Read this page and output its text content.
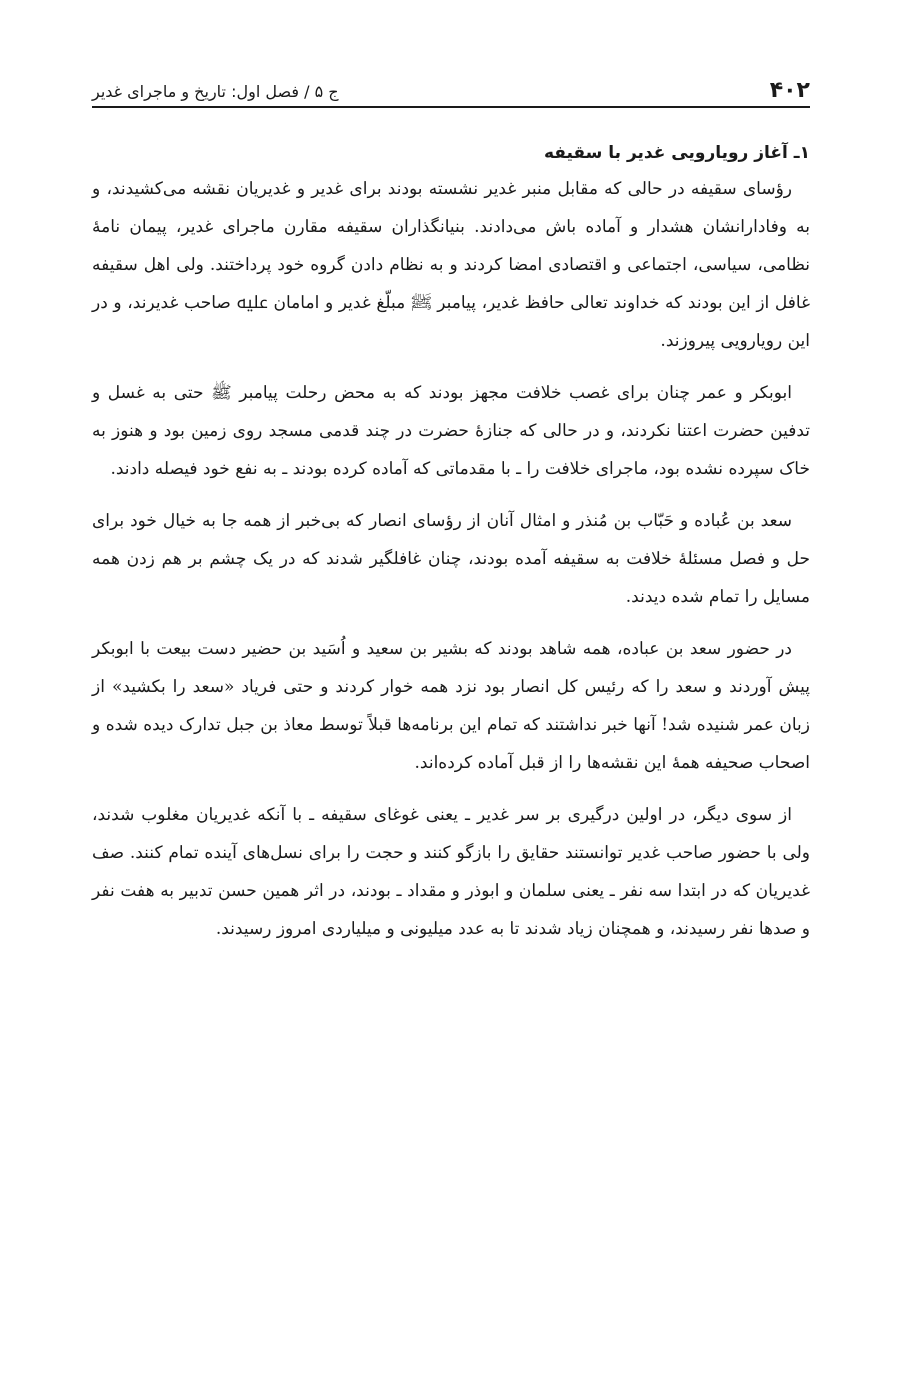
۴۰۲
ج ۵ / فصل اول: تاریخ و ماجرای غدیر
۱ـ آغاز رویارویی غدیر با سقیفه

رؤسای سقیفه در حالی که مقابل منبر غدیر نشسته بودند برای غدیر و غدیریان نقشه می‌کشیدند، و به وفادارانشان هشدار و آماده باش می‌دادند. بنیانگذاران سقیفه مقارن ماجرای غدیر، پیمان نامۀ نظامی، سیاسی، اجتماعی و اقتصادی امضا کردند و به نظام دادن گروه خود پرداختند. ولی اهل سقیفه غافل از این بودند که خداوند تعالی حافظ غدیر، پیامبر ﷺ مبلّغ غدیر و امامان ﷷ صاحب غدیرند، و در این رویارویی پیروزند.

ابوبکر و عمر چنان برای غصب خلافت مجهز بودند که به محض رحلت پیامبر ﷺ حتی به غسل و تدفین حضرت اعتنا نکردند، و در حالی که جنازۀ حضرت در چند قدمی مسجد روی زمین بود و هنوز به خاک سپرده نشده بود، ماجرای خلافت را ـ با مقدماتی که آماده کرده بودند ـ به نفع خود فیصله دادند.

سعد بن عُباده و حَبّاب بن مُنذر و امثال آنان از رؤسای انصار که بی‌خبر از همه جا به خیال خود برای حل و فصل مسئلۀ خلافت به سقیفه آمده بودند، چنان غافلگیر شدند که در یک چشم بر هم زدن همه مسایل را تمام شده دیدند.

در حضور سعد بن عباده، همه شاهد بودند که بشیر بن سعید و اُسَید بن حضیر دست بیعت با ابوبکر پیش آوردند و سعد را که رئیس کل انصار بود نزد همه خوار کردند و حتی فریاد «سعد را بکشید» از زبان عمر شنیده شد! آنها خبر نداشتند که تمام این برنامه‌ها قبلاً توسط معاذ بن جبل تدارک دیده شده و اصحاب صحیفه همۀ این نقشه‌ها را از قبل آماده کرده‌اند.

از سوی دیگر، در اولین درگیری بر سر غدیر ـ یعنی غوغای سقیفه ـ با آنکه غدیریان مغلوب شدند، ولی با حضور صاحب غدیر توانستند حقایق را بازگو کنند و حجت را برای نسل‌های آینده تمام کنند. صف غدیریان که در ابتدا سه نفر ـ یعنی سلمان و ابوذر و مقداد ـ بودند، در اثر همین حسن تدبیر به هفت نفر و صدها نفر رسیدند، و همچنان زیاد شدند تا به عدد میلیونی و میلیاردی امروز رسیدند.
